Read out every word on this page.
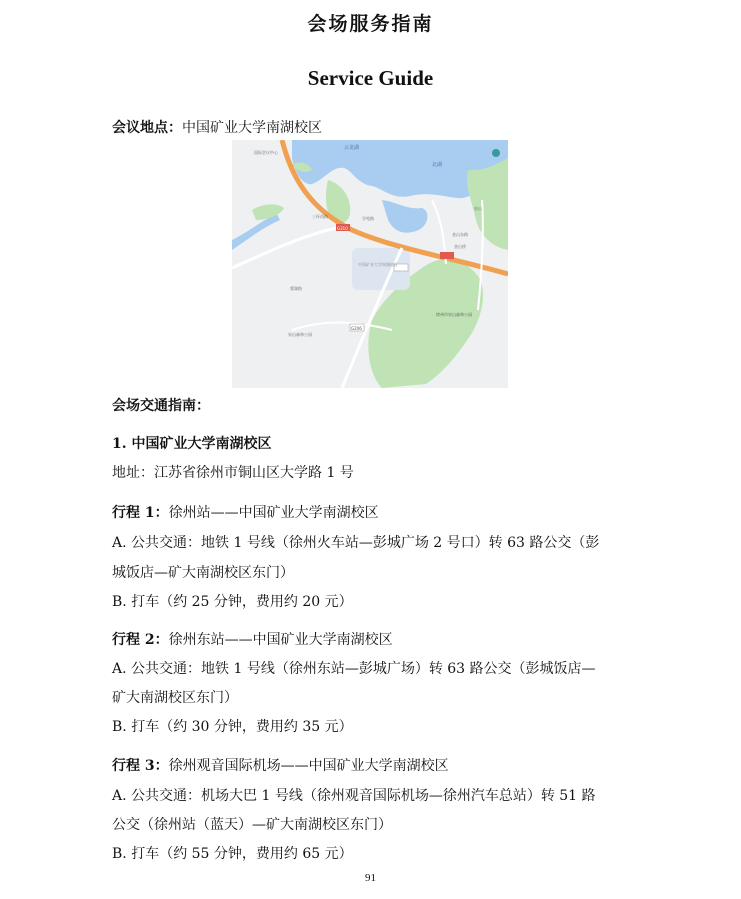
会场服务指南
Service Guide
会议地点：中国矿业大学南湖校区
云龙湖
北湖
国际会议中心
学苑路
三环西路
金山桥
金山东路
泉山
翟湖路
中国矿业大学南湖校区
泉山森林公园
G310
G206
徐州市泉山森林公园
会场交通指南：
1. 中国矿业大学南湖校区
地址：江苏省徐州市铜山区大学路 1 号
行程 1：徐州站——中国矿业大学南湖校区
A. 公共交通：地铁 1 号线（徐州火车站—彭城广场 2 号口）转 63 路公交（彭
城饭店—矿大南湖校区东门）
B. 打车（约 25 分钟，费用约 20 元）
行程 2：徐州东站——中国矿业大学南湖校区
A. 公共交通：地铁 1 号线（徐州东站—彭城广场）转 63 路公交（彭城饭店—
矿大南湖校区东门）
B. 打车（约 30 分钟，费用约 35 元）
行程 3：徐州观音国际机场——中国矿业大学南湖校区
A. 公共交通：机场大巴 1 号线（徐州观音国际机场—徐州汽车总站）转 51 路
公交（徐州站（蓝天）—矿大南湖校区东门）
B. 打车（约 55 分钟，费用约 65 元）
91
